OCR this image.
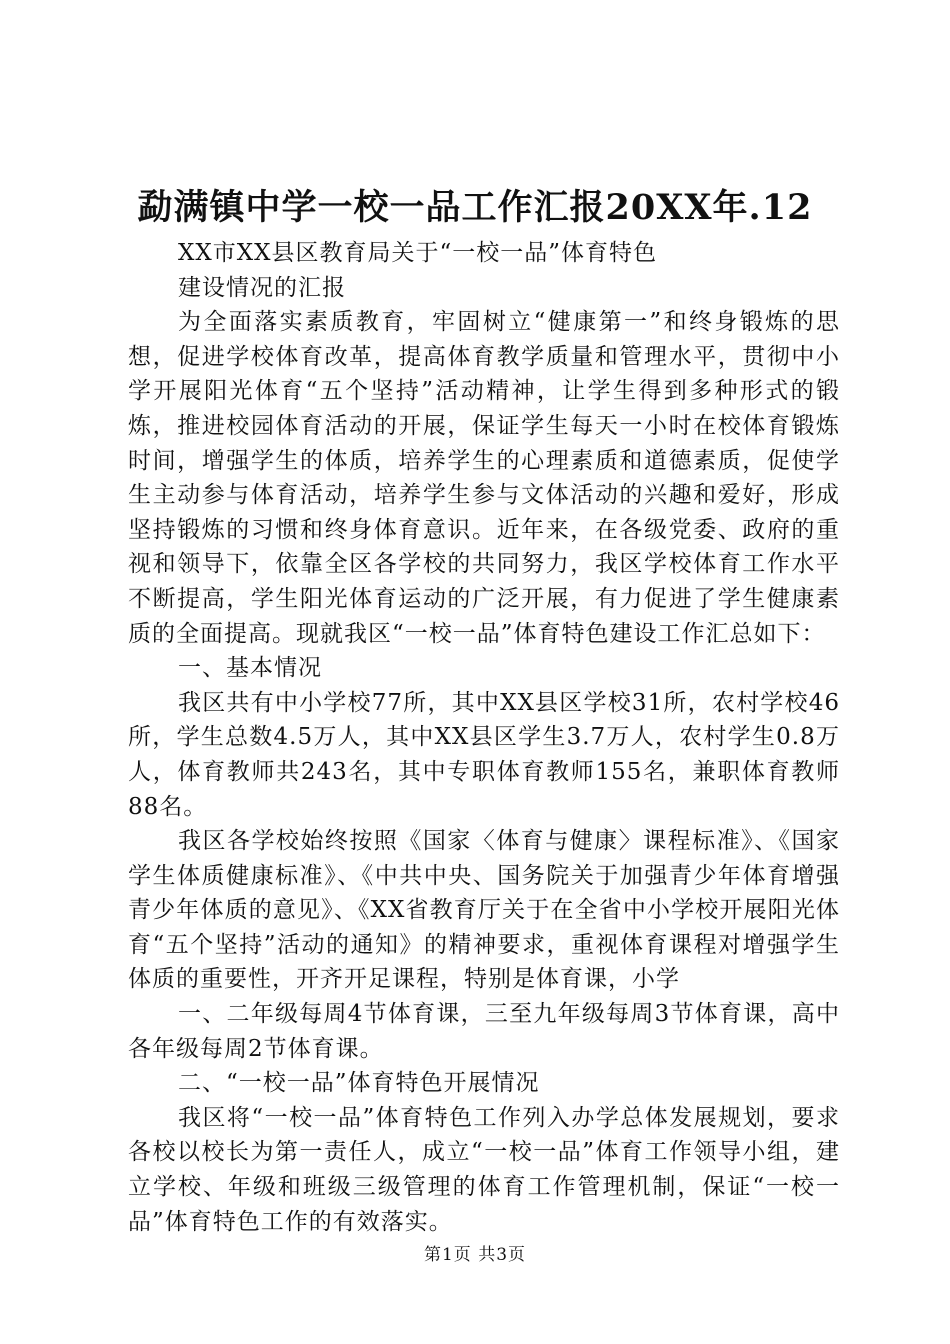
勐满镇中学一校一品工作汇报20XX年.12

XX市XX县区教育局关于“一校一品”体育特色

建设情况的汇报

为全面落实素质教育，牢固树立“健康第一”和终身锻炼的思想，促进学校体育改革，提高体育教学质量和管理水平，贯彻中小学开展阳光体育“五个坚持”活动精神，让学生得到多种形式的锻炼，推进校园体育活动的开展，保证学生每天一小时在校体育锻炼时间，增强学生的体质，培养学生的心理素质和道德素质，促使学生主动参与体育活动，培养学生参与文体活动的兴趣和爱好，形成坚持锻炼的习惯和终身体育意识。近年来，在各级党委、政府的重视和领导下，依靠全区各学校的共同努力，我区学校体育工作水平不断提高，学生阳光体育运动的广泛开展，有力促进了学生健康素质的全面提高。现就我区“一校一品”体育特色建设工作汇总如下：

一、基本情况

我区共有中小学校77所，其中XX县区学校31所，农村学校46所，学生总数4.5万人，其中XX县区学生3.7万人，农村学生0.8万人，体育教师共243名，其中专职体育教师155名，兼职体育教师88名。

我区各学校始终按照《国家〈体育与健康〉课程标准》、《国家学生体质健康标准》、《中共中央、国务院关于加强青少年体育增强青少年体质的意见》、《XX省教育厅关于在全省中小学校开展阳光体育“五个坚持”活动的通知》的精神要求，重视体育课程对增强学生体质的重要性，开齐开足课程，特别是体育课，小学

一、二年级每周4节体育课，三至九年级每周3节体育课，高中各年级每周2节体育课。

二、“一校一品”体育特色开展情况

我区将“一校一品”体育特色工作列入办学总体发展规划，要求各校以校长为第一责任人，成立“一校一品”体育工作领导小组，建立学校、年级和班级三级管理的体育工作管理机制，保证“一校一品”体育特色工作的有效落实。

第1页 共3页
